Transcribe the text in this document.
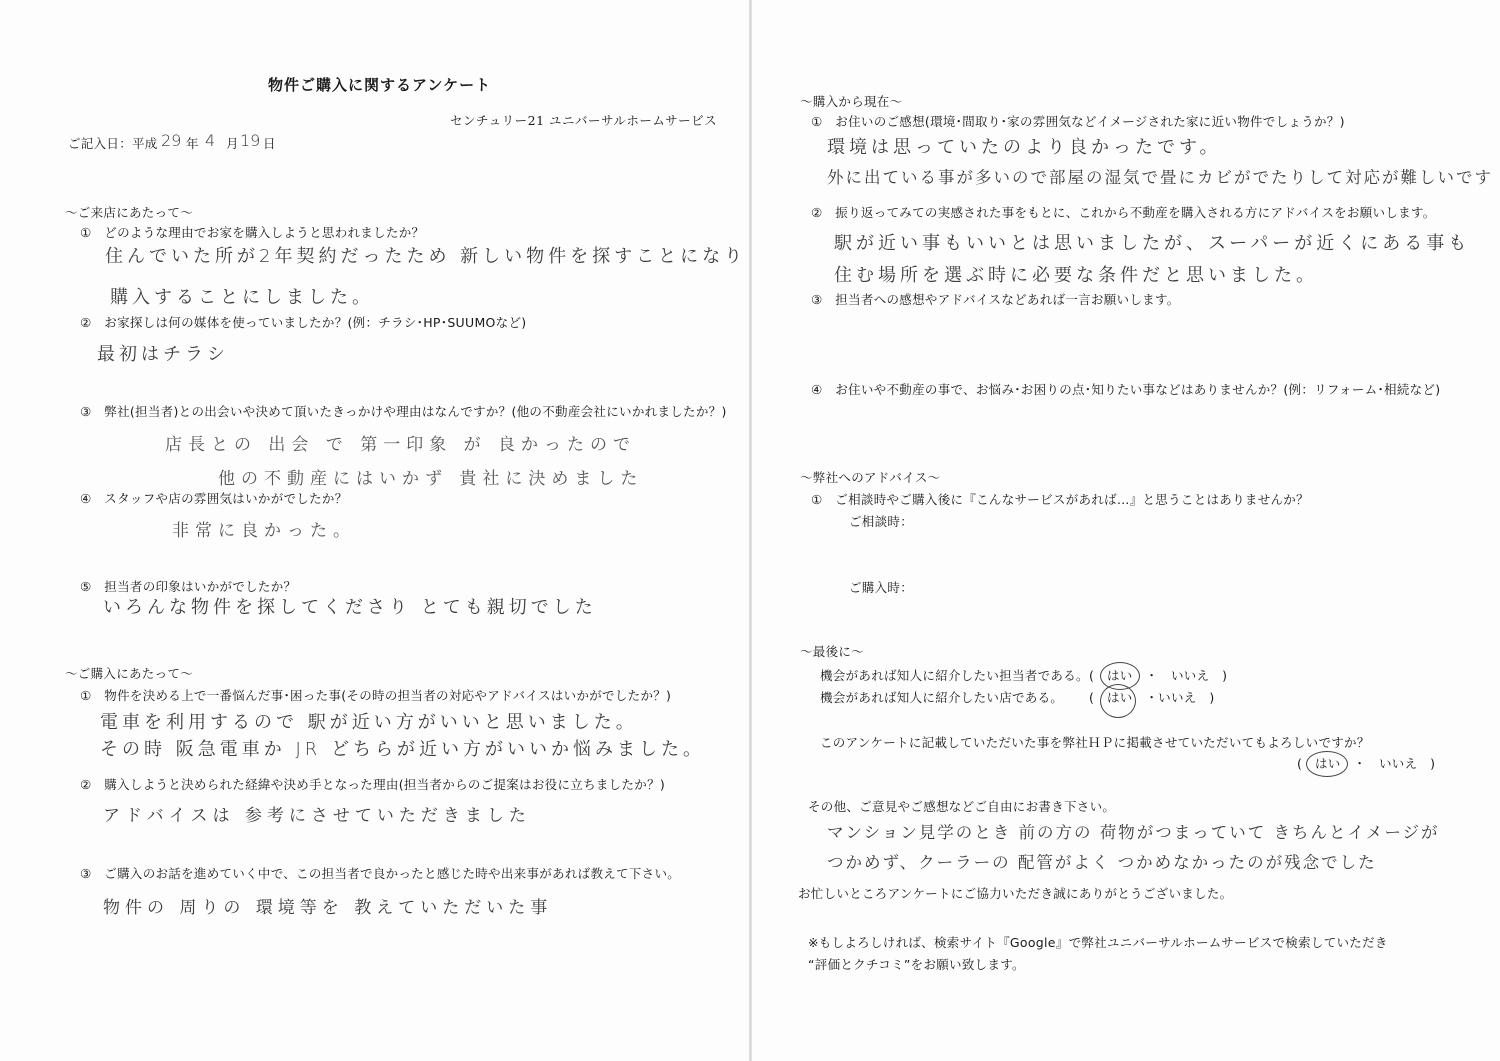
物件ご購入に関するアンケート
センチュリー21 ユニバーサルホームサービス
ご記入日：平成 29 年 4 月 19 日
～ご来店にあたって～
①　どのような理由でお家を購入しようと思われましたか？
住んでいた所が2年契約だったため 新しい物件を探すことになり
購入することにしました。
②　お家探しは何の媒体を使っていましたか？(例：チラシ･HP･SUUMOなど)
最初はチラシ
③　弊社(担当者)との出会いや決めて頂いたきっかけや理由はなんですか？(他の不動産会社にいかれましたか？)
店長との 出会 で 第一印象 が 良かったので
他の不動産にはいかず 貴社に決めました
④　スタッフや店の雰囲気はいかがでしたか？
非常に良かった。
⑤　担当者の印象はいかがでしたか？
いろんな物件を探してくださり とても親切でした
～ご購入にあたって～
①　物件を決める上で一番悩んだ事･困った事(その時の担当者の対応やアドバイスはいかがでしたか？)
電車を利用するので 駅が近い方がいいと思いました。
その時 阪急電車か JR どちらが近い方がいいか悩みました。
②　購入しようと決められた経緯や決め手となった理由(担当者からのご提案はお役に立ちましたか？)
アドバイスは 参考にさせていただきました
③　ご購入のお話を進めていく中で、この担当者で良かったと感じた時や出来事があれば教えて下さい。
物件の 周りの 環境等を 教えていただいた事
～購入から現在～
①　お住いのご感想(環境･間取り･家の雰囲気などイメージされた家に近い物件でしょうか？)
環境は思っていたのより良かったです。
外に出ている事が多いので部屋の湿気で畳にカビがでたりして対応が難しいです
②　振り返ってみての実感された事をもとに、これから不動産を購入される方にアドバイスをお願いします。
駅が近い事もいいとは思いましたが、スーパーが近くにある事も
住む場所を選ぶ時に必要な条件だと思いました。
③　担当者への感想やアドバイスなどあれば一言お願いします。
④　お住いや不動産の事で、お悩み･お困りの点･知りたい事などはありませんか？(例：リフォーム･相続など)
～弊社へのアドバイス～
①　ご相談時やご購入後に『こんなサービスがあれば…』と思うことはありませんか？
ご相談時：
ご購入時：
～最後に～
機会があれば知人に紹介したい担当者である。 (　はい　・　いいえ　)
機会があれば知人に紹介したい店である。 (　はい　・いいえ　)
このアンケートに記載していただいた事を弊社ＨＰに掲載させていただいてもよろしいですか？
(　はい　・　いいえ　)
その他、ご意見やご感想などご自由にお書き下さい。
マンション見学のとき 前の方の 荷物がつまっていて きちんとイメージが
つかめず、クーラーの 配管がよく つかめなかったのが残念でした
お忙しいところアンケートにご協力いただき誠にありがとうございました。
※もしよろしければ、検索サイト『Google』で弊社ユニバーサルホームサービスで検索していただき
“評価とクチコミ”をお願い致します。
